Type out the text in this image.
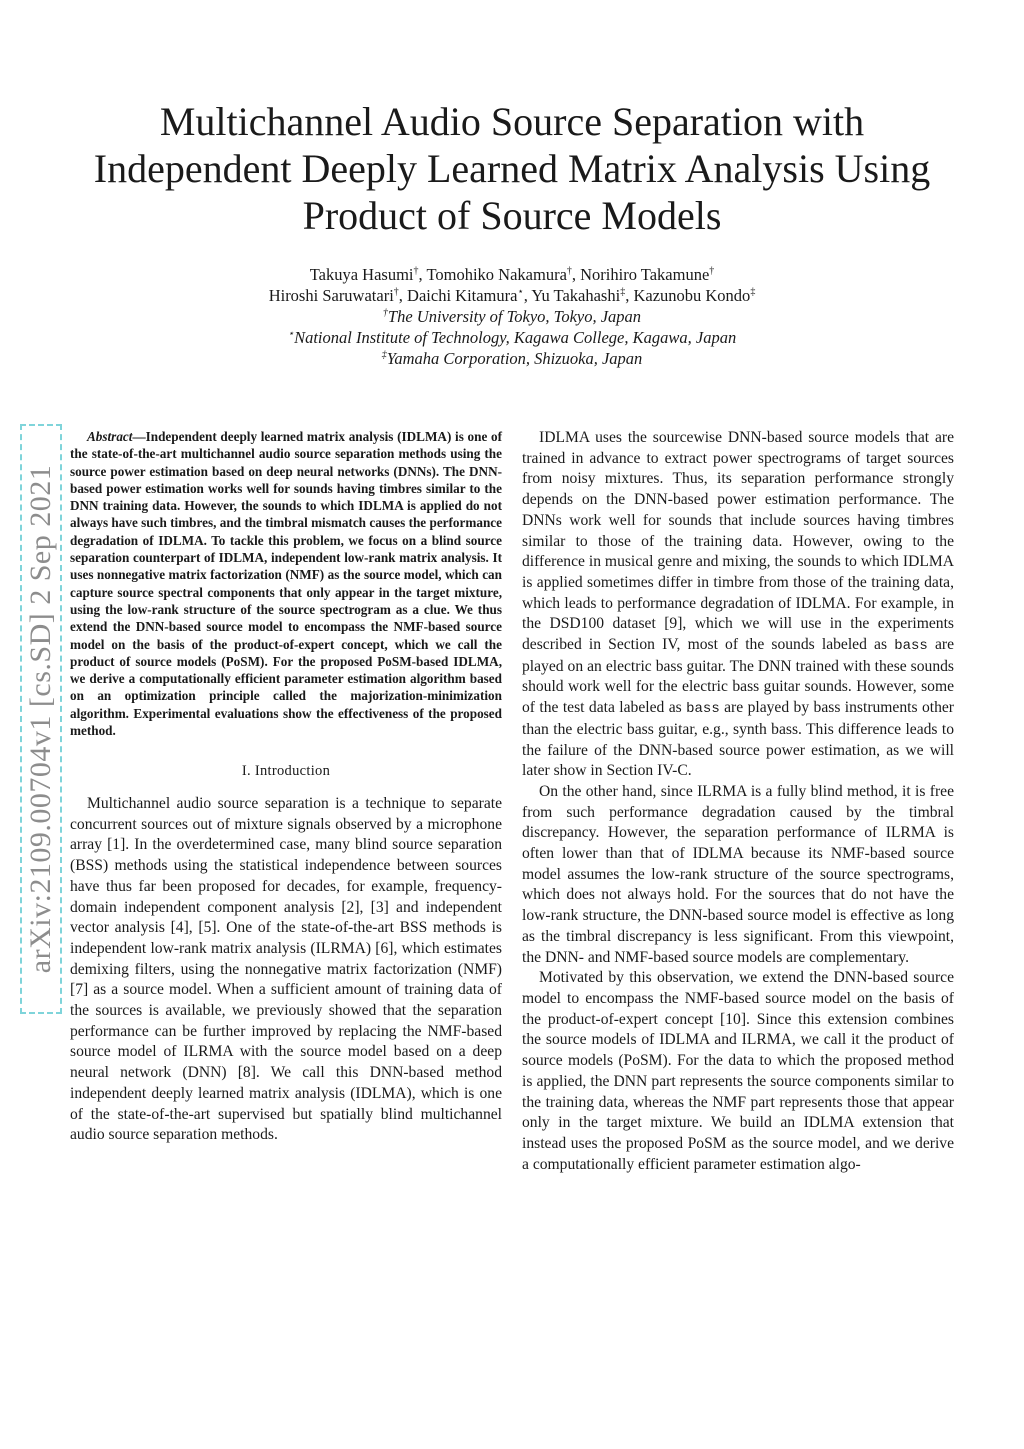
Multichannel Audio Source Separation with Independent Deeply Learned Matrix Analysis Using Product of Source Models
Takuya Hasumi†, Tomohiko Nakamura†, Norihiro Takamune†
Hiroshi Saruwatari†, Daichi Kitamura⋆, Yu Takahashi‡, Kazunobu Kondo‡
†The University of Tokyo, Tokyo, Japan
⋆National Institute of Technology, Kagawa College, Kagawa, Japan
‡Yamaha Corporation, Shizuoka, Japan
arXiv:2109.00704v1 [cs.SD] 2 Sep 2021

Abstract—Independent deeply learned matrix analysis (IDLMA) is one of the state-of-the-art multichannel audio source separation methods using the source power estimation based on deep neural networks (DNNs). The DNN-based power estimation works well for sounds having timbres similar to the DNN training data. However, the sounds to which IDLMA is applied do not always have such timbres, and the timbral mismatch causes the performance degradation of IDLMA. To tackle this problem, we focus on a blind source separation counterpart of IDLMA, independent low-rank matrix analysis. It uses nonnegative matrix factorization (NMF) as the source model, which can capture source spectral components that only appear in the target mixture, using the low-rank structure of the source spectrogram as a clue. We thus extend the DNN-based source model to encompass the NMF-based source model on the basis of the product-of-expert concept, which we call the product of source models (PoSM). For the proposed PoSM-based IDLMA, we derive a computationally efficient parameter estimation algorithm based on an optimization principle called the majorization-minimization algorithm. Experimental evaluations show the effectiveness of the proposed method.

I. Introduction

Multichannel audio source separation is a technique to separate concurrent sources out of mixture signals observed by a microphone array [1]. In the overdetermined case, many blind source separation (BSS) methods using the statistical independence between sources have thus far been proposed for decades, for example, frequency-domain independent component analysis [2], [3] and independent vector analysis [4], [5]. One of the state-of-the-art BSS methods is independent low-rank matrix analysis (ILRMA) [6], which estimates demixing filters, using the nonnegative matrix factorization (NMF) [7] as a source model. When a sufficient amount of training data of the sources is available, we previously showed that the separation performance can be further improved by replacing the NMF-based source model of ILRMA with the source model based on a deep neural network (DNN) [8]. We call this DNN-based method independent deeply learned matrix analysis (IDLMA), which is one of the state-of-the-art supervised but spatially blind multichannel audio source separation methods.

IDLMA uses the sourcewise DNN-based source models that are trained in advance to extract power spectrograms of target sources from noisy mixtures. Thus, its separation performance strongly depends on the DNN-based power estimation performance. The DNNs work well for sounds that include sources having timbres similar to those of the training data. However, owing to the difference in musical genre and mixing, the sounds to which IDLMA is applied sometimes differ in timbre from those of the training data, which leads to performance degradation of IDLMA. For example, in the DSD100 dataset [9], which we will use in the experiments described in Section IV, most of the sounds labeled as bass are played on an electric bass guitar. The DNN trained with these sounds should work well for the electric bass guitar sounds. However, some of the test data labeled as bass are played by bass instruments other than the electric bass guitar, e.g., synth bass. This difference leads to the failure of the DNN-based source power estimation, as we will later show in Section IV-C.

On the other hand, since ILRMA is a fully blind method, it is free from such performance degradation caused by the timbral discrepancy. However, the separation performance of ILRMA is often lower than that of IDLMA because its NMF-based source model assumes the low-rank structure of the source spectrograms, which does not always hold. For the sources that do not have the low-rank structure, the DNN-based source model is effective as long as the timbral discrepancy is less significant. From this viewpoint, the DNN- and NMF-based source models are complementary.

Motivated by this observation, we extend the DNN-based source model to encompass the NMF-based source model on the basis of the product-of-expert concept [10]. Since this extension combines the source models of IDLMA and ILRMA, we call it the product of source models (PoSM). For the data to which the proposed method is applied, the DNN part represents the source components similar to the training data, whereas the NMF part represents those that appear only in the target mixture. We build an IDLMA extension that instead uses the proposed PoSM as the source model, and we derive a computationally efficient parameter estimation algo-
